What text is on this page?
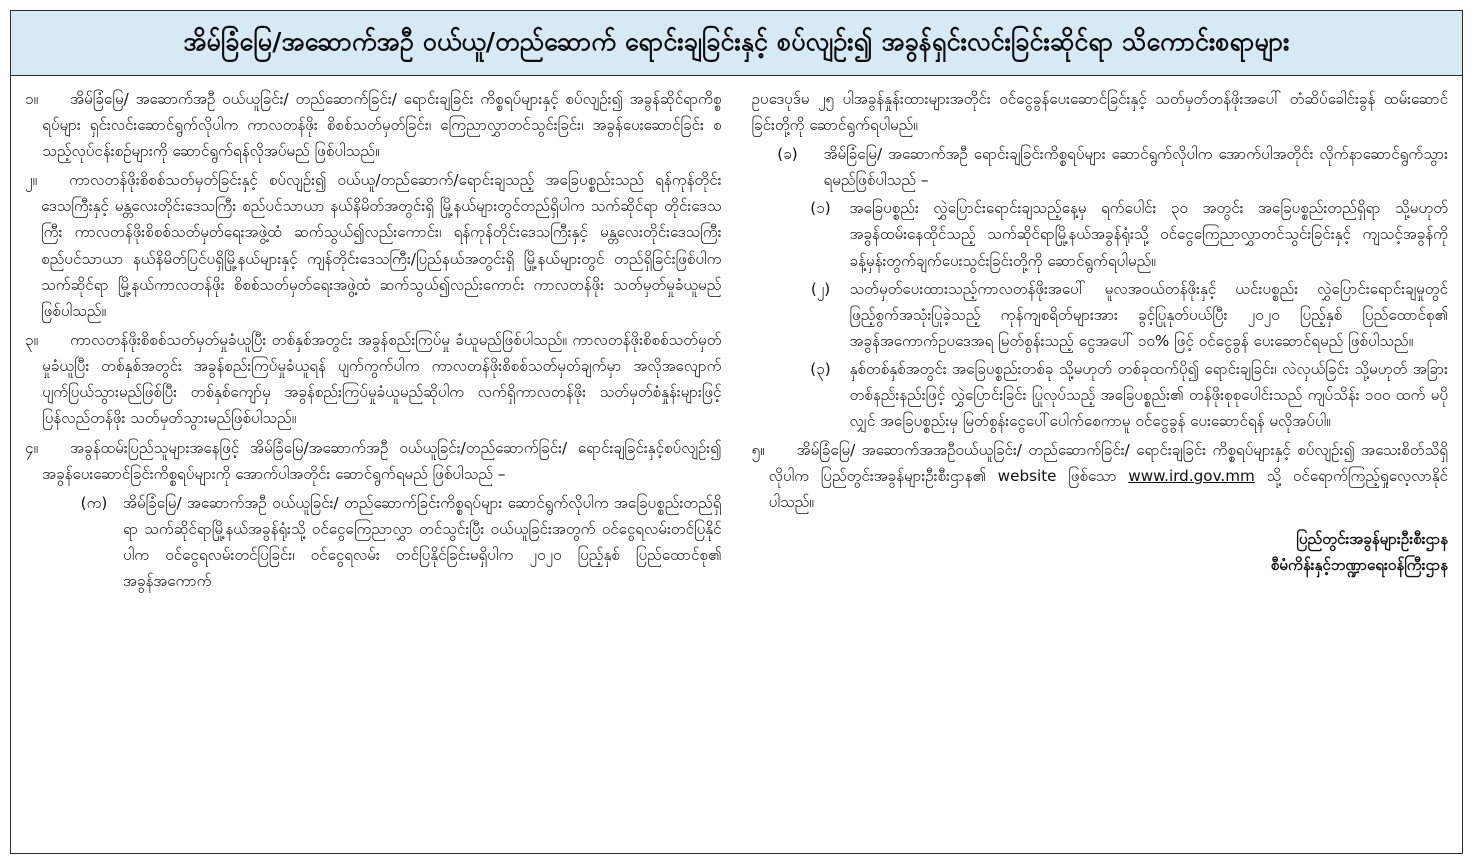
အိမ်ခြံမြေ/အဆောက်အဦ ဝယ်ယူ/တည်ဆောက် ရောင်းချခြင်းနှင့် စပ်လျဉ်း၍ အခွန်ရှင်းလင်းခြင်းဆိုင်ရာ သိကောင်းစရာများ
၁။	အိမ်ခြံမြေ/ အဆောက်အဦ ဝယ်ယူခြင်း/ တည်ဆောက်ခြင်း/ ရောင်းချခြင်း ကိစ္စရပ်များနှင့် စပ်လျဉ်း၍ အခွန်ဆိုင်ရာကိစ္စရပ်များ ရှင်းလင်းဆောင်ရွက်လိုပါက ကာလတန်ဖိုး စိစစ်သတ်မှတ်ခြင်း၊ ကြေညာလွှာတင်သွင်းခြင်း၊ အခွန်ပေးဆောင်ခြင်း စသည့်လုပ်ငန်းစဉ်များကို ဆောင်ရွက်ရန်လိုအပ်မည် ဖြစ်ပါသည်။
၂။	ကာလတန်ဖိုးစိစစ်သတ်မှတ်ခြင်းနှင့် စပ်လျဉ်း၍ ဝယ်ယူ/တည်ဆောက်/ရောင်းချသည့် အခြေပစ္စည်းသည် ရန်ကုန်တိုင်းဒေသကြီးနှင့် မန္တလေးတိုင်းဒေသကြီး စည်ပင်သာယာ နယ်နိမိတ်အတွင်းရှိ မြို့နယ်များတွင်တည်ရှိပါက သက်ဆိုင်ရာ တိုင်းဒေသကြီး ကာလတန်ဖိုးစိစစ်သတ်မှတ်ရေးအဖွဲ့ထံ ဆက်သွယ်၍လည်းကောင်း၊ ရန်ကုန်တိုင်းဒေသကြီးနှင့် မန္တလေးတိုင်းဒေသကြီး စည်ပင်သာယာ နယ်နိမိတ်ပြင်ပရှိမြို့နယ်များနှင့် ကျန်တိုင်းဒေသကြီး/ပြည်နယ်အတွင်းရှိ မြို့နယ်များတွင် တည်ရှိခြင်းဖြစ်ပါက သက်ဆိုင်ရာ မြို့နယ်ကာလတန်ဖိုး စိစစ်သတ်မှတ်ရေးအဖွဲ့ထံ ဆက်သွယ်၍လည်းကောင်း ကာလတန်ဖိုး သတ်မှတ်မှုခံယူမည် ဖြစ်ပါသည်။
၃။	ကာလတန်ဖိုးစိစစ်သတ်မှတ်မှုခံယူပြီး တစ်နှစ်အတွင်း အခွန်စည်းကြပ်မှု ခံယူမည်ဖြစ်ပါသည်။ ကာလတန်ဖိုးစိစစ်သတ်မှတ်မှုခံယူပြီး တစ်နှစ်အတွင်း အခွန်စည်းကြပ်မှုခံယူရန် ပျက်ကွက်ပါက ကာလတန်ဖိုးစိစစ်သတ်မှတ်ချက်မှာ အလိုအလျောက် ပျက်ပြယ်သွားမည်ဖြစ်ပြီး တစ်နှစ်ကျော်မှ အခွန်စည်းကြပ်မှုခံယူမည်ဆိုပါက လက်ရှိကာလတန်ဖိုး သတ်မှတ်စံနှုန်းများဖြင့် ပြန်လည်တန်ဖိုး သတ်မှတ်သွားမည်ဖြစ်ပါသည်။
၄။	အခွန်ထမ်းပြည်သူများအနေဖြင့် အိမ်ခြံမြေ/အဆောက်အဦ ဝယ်ယူခြင်း/တည်ဆောက်ခြင်း/ ရောင်းချခြင်းနှင့်စပ်လျဉ်း၍ အခွန်ပေးဆောင်ခြင်းကိစ္စရပ်များကို အောက်ပါအတိုင်း ဆောင်ရွက်ရမည် ဖြစ်ပါသည် –
(က)	အိမ်ခြံမြေ/ အဆောက်အဦ ဝယ်ယူခြင်း/ တည်ဆောက်ခြင်းကိစ္စရပ်များ ဆောင်ရွက်လိုပါက အခြေပစ္စည်းတည်ရှိရာ သက်ဆိုင်ရာမြို့နယ်အခွန်ရုံးသို့ ဝင်ငွေကြေညာလွှာ တင်သွင်းပြီး ဝယ်ယူခြင်းအတွက် ဝင်ငွေရလမ်းတင်ပြနိုင်ပါက ဝင်ငွေရလမ်းတင်ပြခြင်း၊ ဝင်ငွေရလမ်း တင်ပြနိုင်ခြင်းမရှိပါက ၂၀၂၀ ပြည့်နှစ် ပြည်ထောင်စု၏ အခွန်အကောက်
ဥပဒေပုဒ်မ ၂၅ ပါအခွန်နှုန်းထားများအတိုင်း ဝင်ငွေခွန်ပေးဆောင်ခြင်းနှင့် သတ်မှတ်တန်ဖိုးအပေါ် တံဆိပ်ခေါင်းခွန် ထမ်းဆောင်ခြင်းတို့ကို ဆောင်ရွက်ရပါမည်။
(ခ)	အိမ်ခြံမြေ/ အဆောက်အဦ ရောင်းချခြင်းကိစ္စရပ်များ ဆောင်ရွက်လိုပါက အောက်ပါအတိုင်း လိုက်နာဆောင်ရွက်သွားရမည်ဖြစ်ပါသည် –
(၁)	အခြေပစ္စည်း လွှဲပြောင်းရောင်းချသည့်နေ့မှ ရက်ပေါင်း ၃၀ အတွင်း အခြေပစ္စည်းတည်ရှိရာ သို့မဟုတ် အခွန်ထမ်းနေထိုင်သည့် သက်ဆိုင်ရာမြို့နယ်အခွန်ရုံးသို့ ဝင်ငွေကြေညာလွှာတင်သွင်းခြင်းနှင့် ကျသင့်အခွန်ကို ခန့်မှန်းတွက်ချက်ပေးသွင်းခြင်းတို့ကို ဆောင်ရွက်ရပါမည်။
(၂)	သတ်မှတ်ပေးထားသည့်ကာလတန်ဖိုးအပေါ် မူလအဝယ်တန်ဖိုးနှင့် ယင်းပစ္စည်း လွှဲပြောင်းရောင်းချမှုတွင် ဖြည့်စွက်အသုံးပြုခဲ့သည့် ကုန်ကျစရိတ်များအား ခွင့်ပြုနုတ်ပယ်ပြီး ၂၀၂၀ ပြည့်နှစ် ပြည်ထောင်စု၏ အခွန်အကောက်ဥပဒေအရ မြတ်စွန်းသည့် ငွေအပေါ် ၁၀% ဖြင့် ဝင်ငွေခွန် ပေးဆောင်ရမည် ဖြစ်ပါသည်။
(၃)	နှစ်တစ်နှစ်အတွင်း အခြေပစ္စည်းတစ်ခု သို့မဟုတ် တစ်ခုထက်ပို၍ ရောင်းချခြင်း၊ လဲလှယ်ခြင်း သို့မဟုတ် အခြားတစ်နည်းနည်းဖြင့် လွှဲပြောင်းခြင်း ပြုလုပ်သည့် အခြေပစ္စည်း၏ တန်ဖိုးစုစုပေါင်းသည် ကျပ်သိန်း ၁၀၀ ထက် မပိုလျှင် အခြေပစ္စည်းမှ မြတ်စွန်းငွေပေါ်ပေါက်စေကာမူ ဝင်ငွေခွန် ပေးဆောင်ရန် မလိုအပ်ပါ။
၅။	အိမ်ခြံမြေ/ အဆောက်အအဦဝယ်ယူခြင်း/ တည်ဆောက်ခြင်း/ ရောင်းချခြင်း ကိစ္စရပ်များနှင့် စပ်လျဉ်း၍ အသေးစိတ်သိရှိလိုပါက ပြည်တွင်းအခွန်များဦးစီးဌာန၏ website ဖြစ်သော www.ird.gov.mm သို့ ဝင်ရောက်ကြည့်ရှုလေ့လာနိုင်ပါသည်။
ပြည်တွင်းအခွန်များဦးစီးဌာန
စီမံကိန်းနှင့်ဘဏ္ဍာရေးဝန်ကြီးဌာန
